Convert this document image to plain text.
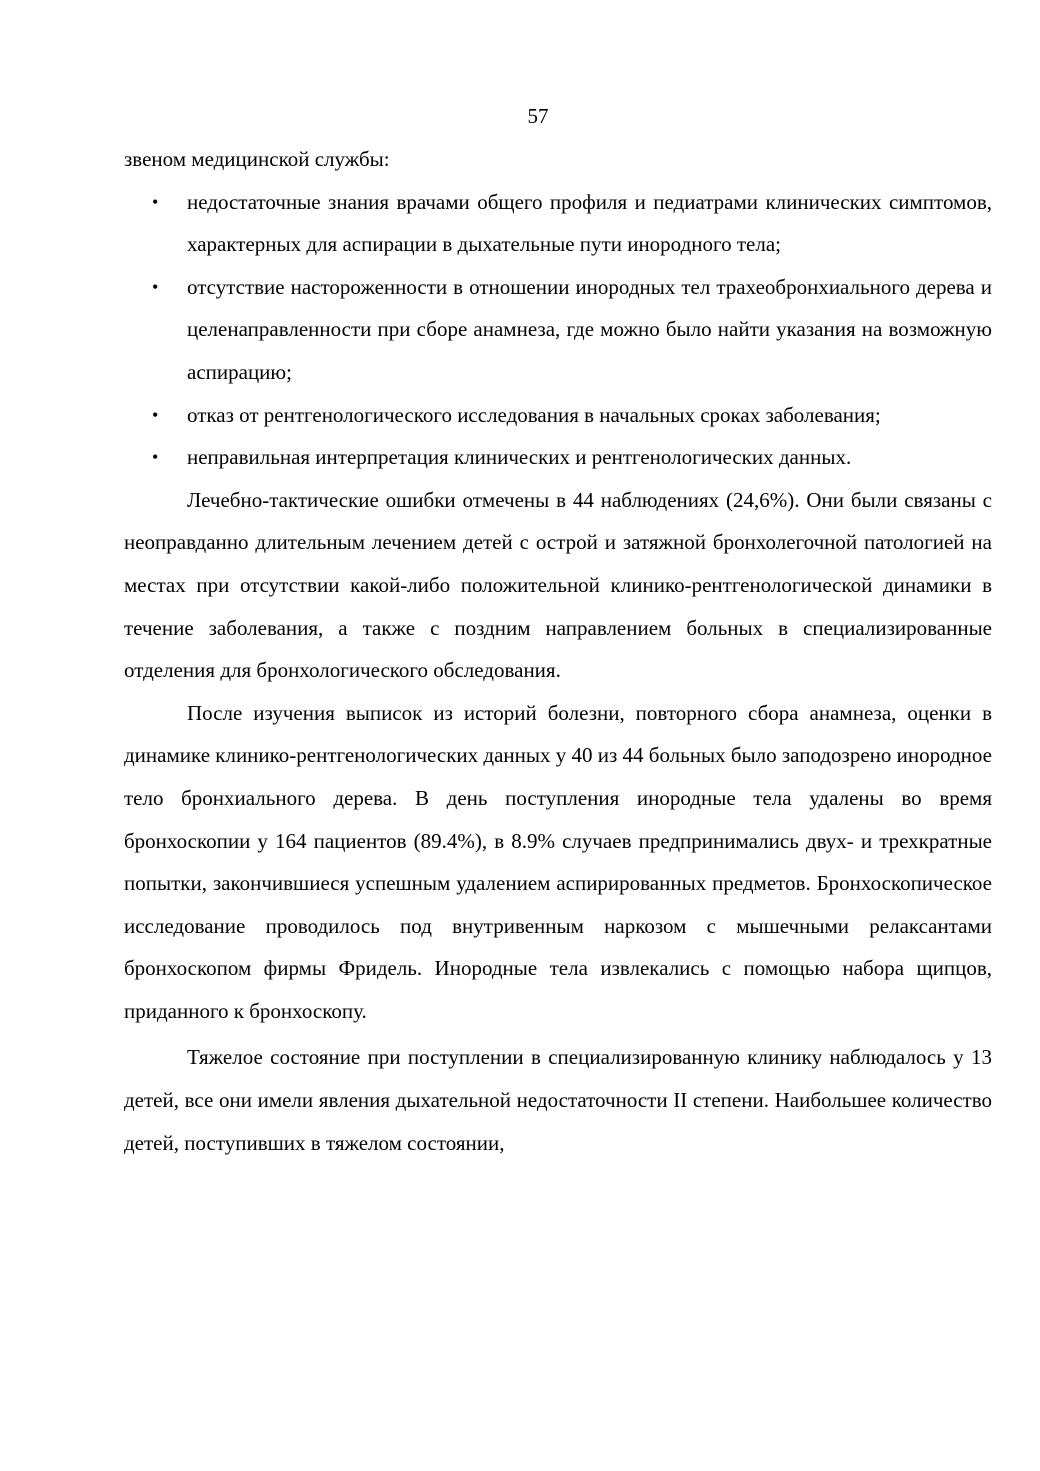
57

звеном медицинской службы:

• недостаточные знания врачами общего профиля и педиатрами клинических симптомов, характерных для аспирации в дыхательные пути инородного тела;
• отсутствие настороженности в отношении инородных тел трахеобронхиального дерева и целенаправленности при сборе анамнеза, где можно было найти указания на возможную аспирацию;
• отказ от рентгенологического исследования в начальных сроках заболевания;
• неправильная интерпретация клинических и рентгенологических данных.

Лечебно-тактические ошибки отмечены в 44 наблюдениях (24,6%). Они были связаны с неоправданно длительным лечением детей с острой и затяжной бронхолегочной патологией на местах при отсутствии какой-либо положительной клинико-рентгенологической динамики в течение заболевания, а также с поздним направлением больных в специализированные отделения для бронхологического обследования.

После изучения выписок из историй болезни, повторного сбора анамнеза, оценки в динамике клинико-рентгенологических данных у 40 из 44 больных было заподозрено инородное тело бронхиального дерева. В день поступления инородные тела удалены во время бронхоскопии у 164 пациентов (89.4%), в 8.9% случаев предпринимались двух- и трехкратные попытки, закончившиеся успешным удалением аспирированных предметов. Бронхоскопическое исследование проводилось под внутривенным наркозом с мышечными релаксантами бронхоскопом фирмы Фридель. Инородные тела извлекались с помощью набора щипцов, приданного к бронхоскопу.

Тяжелое состояние при поступлении в специализированную клинику наблюдалось у 13 детей, все они имели явления дыхательной недостаточности II степени. Наибольшее количество детей, поступивших в тяжелом состоянии,
